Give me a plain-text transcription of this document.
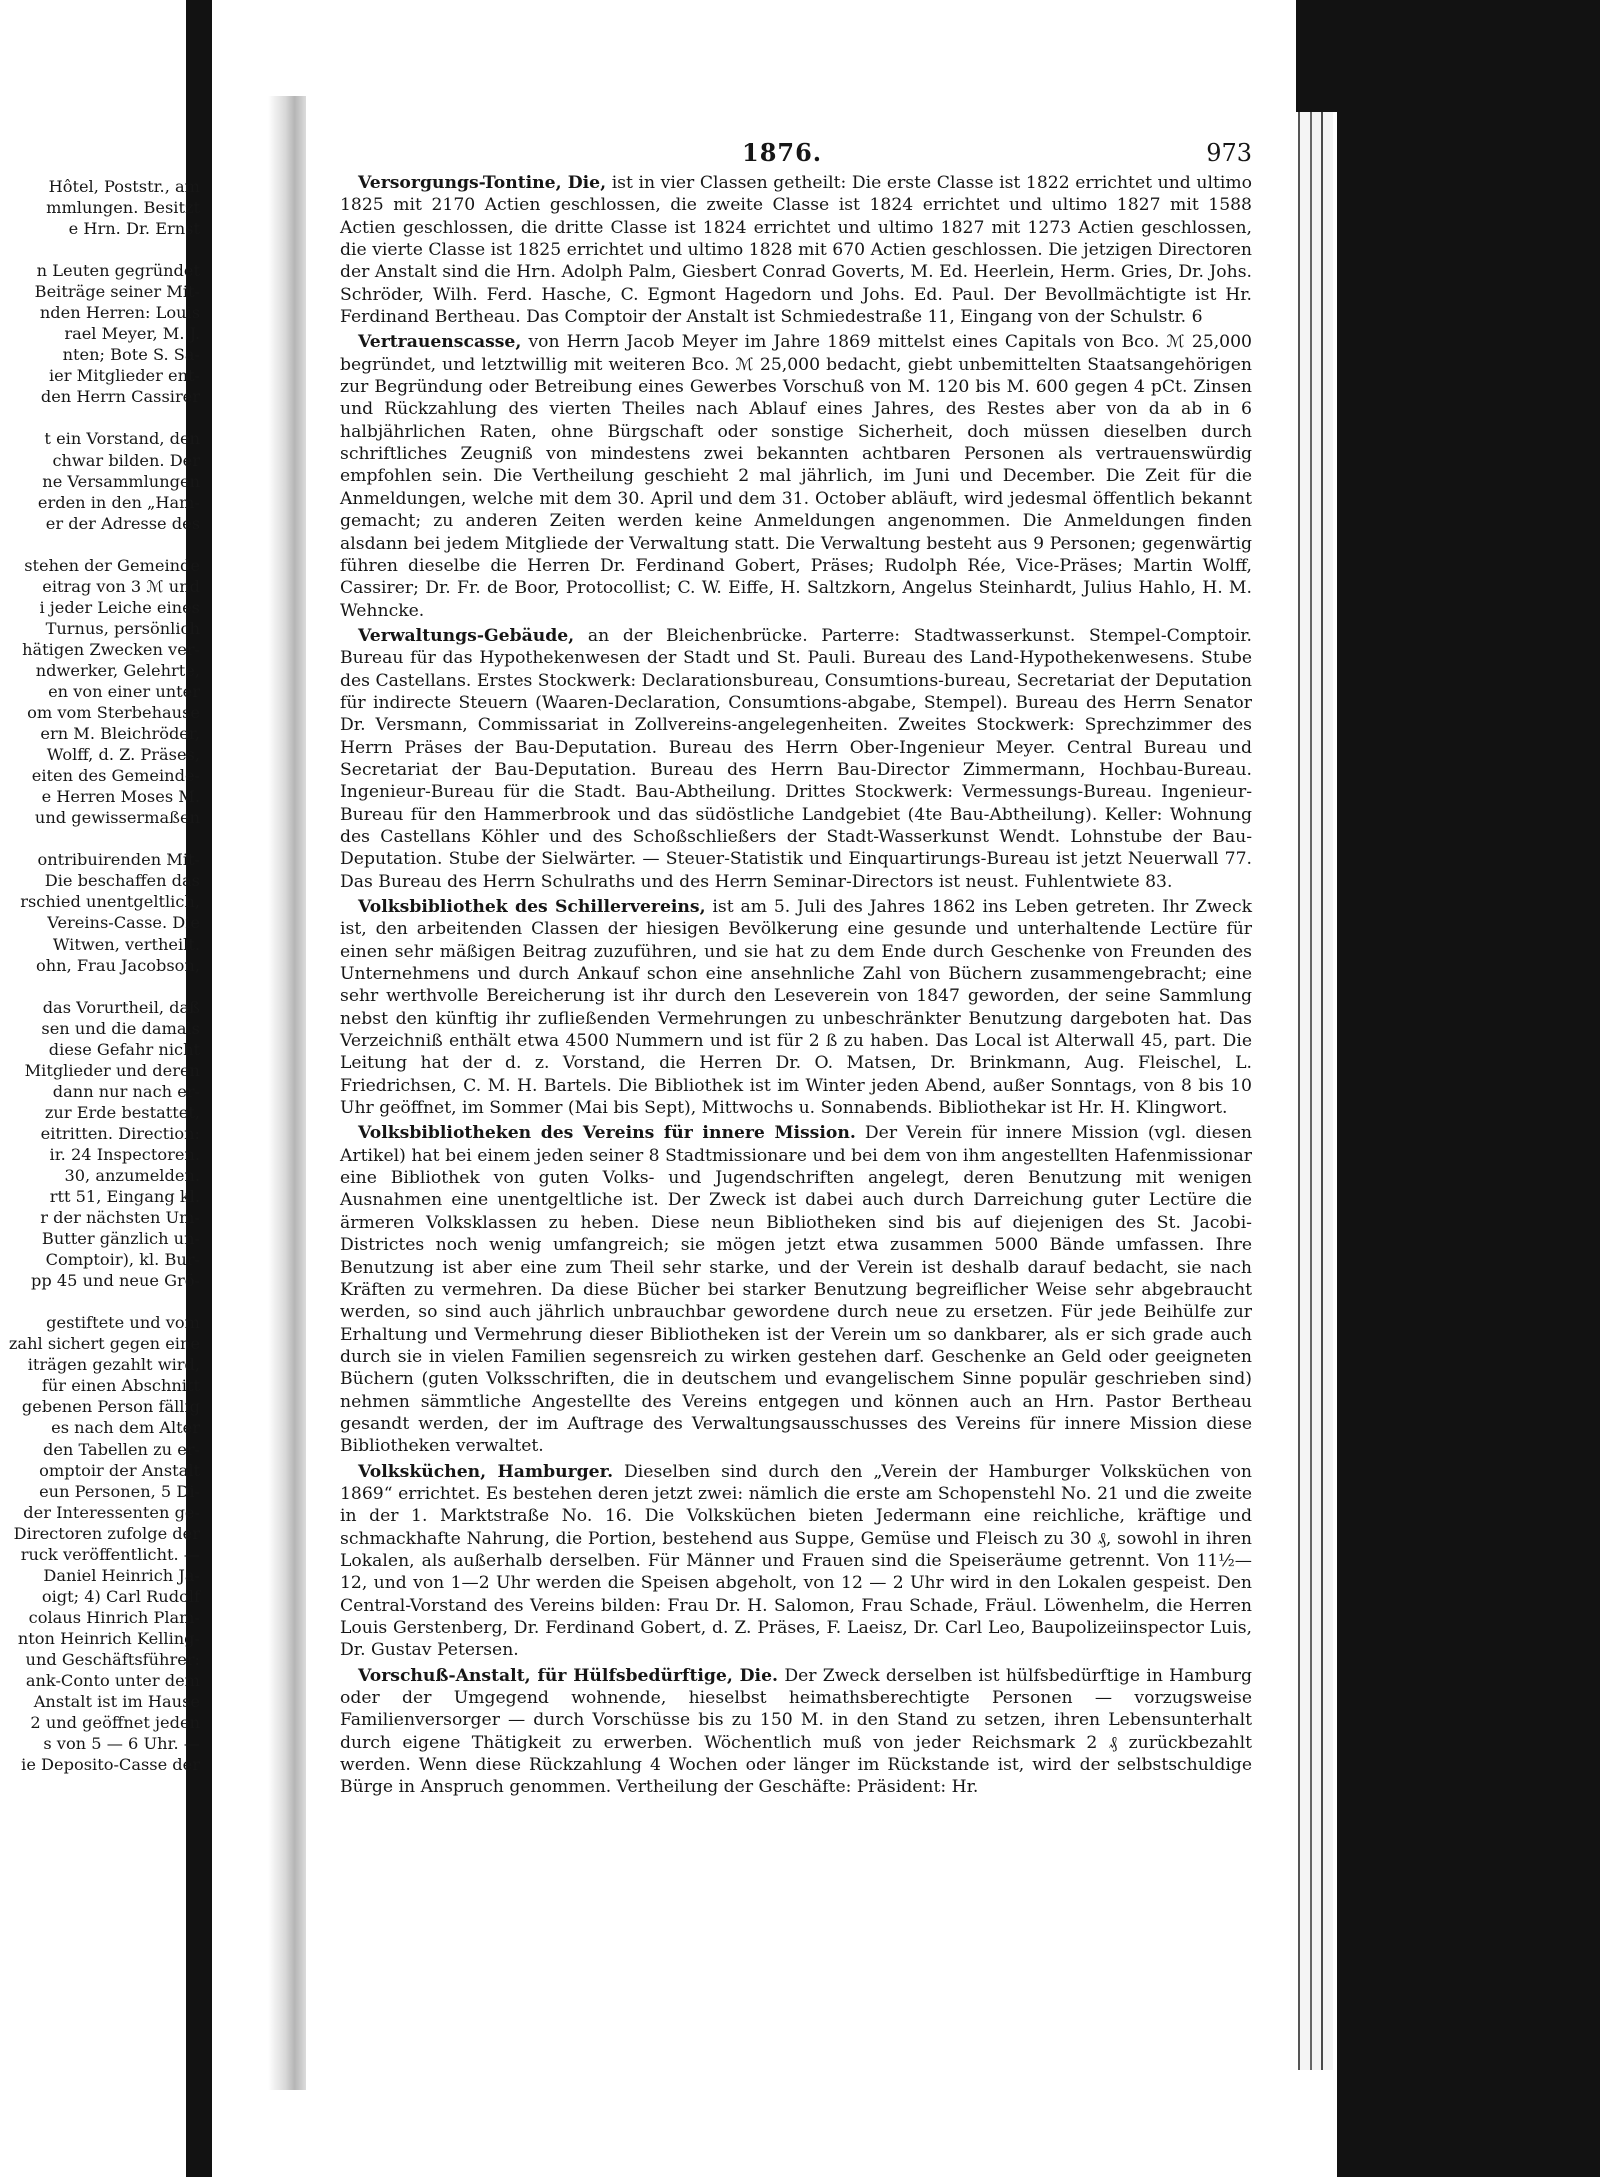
Hôtel, Poststr., am
mmlungen. Besitzt
e Hrn. Dr. Ernst
n Leuten gegründet
Beiträge seiner Mit-
nden Herren: Louis
rael Meyer, M. J.
nten; Bote S. Sa-
ier Mitglieder ent-
den Herrn Cassirer
t ein Vorstand, den
chwar bilden. Der
ne Versammlungen
erden in den „Ham-
er der Adresse des
stehen der Gemeinde
eitrag von 3 ℳ und
i jeder Leiche eines
Turnus, persönlich
hätigen Zwecken ver-
ndwerker, Gelehrte,
en von einer unter
om vom Sterbehause
ern M. Bleichröder,
Wolff, d. Z. Präses,
eiten des Gemeinde-
e Herren Moses M.
und gewissermaßen
ontribuirenden Mit-
Die beschaffen das
rschied unentgeltlich,
Vereins-Casse. Die
Witwen, vertheilt.
ohn, Frau Jacobson,
das Vorurtheil, daß
sen und die damals
diese Gefahr nicht
Mitglieder und deren
dann nur nach er-
zur Erde bestattet,
eitritten. Direction:
ir. 24 Inspectoren.
30, anzumelden.
rtt 51, Eingang kl.
r der nächsten Um-
Butter gänzlich un-
Comptoir), kl. Bur-
pp 45 und neue Grö-
gestiftete und vom
zahl sichert gegen eine
iträgen gezahlt wird,
für einen Abschnitt
gebenen Person fällig
es nach dem Alter
den Tabellen zu er-
omptoir der Anstalt
eun Personen, 5 Di-
der Interessenten ge-
Directoren zufolge der
ruck veröffentlicht. —
Daniel Heinrich Ja-
oigt; 4) Carl Rudolf
colaus Hinrich Plam-
nton Heinrich Kelling-
und Geschäftsführer:
ank-Conto unter dem
Anstalt ist im Hause
2 und geöffnet jeden
s von 5 — 6 Uhr. —
ie Deposito-Casse der
1876.	973

Versorgungs-Tontine, Die, ist in vier Classen getheilt: Die erste Classe ist 1822 errichtet und ultimo 1825 mit 2170 Actien geschlossen, die zweite Classe ist 1824 errichtet und ultimo 1827 mit 1588 Actien geschlossen, die dritte Classe ist 1824 errichtet und ultimo 1827 mit 1273 Actien geschlossen, die vierte Classe ist 1825 errichtet und ultimo 1828 mit 670 Actien geschlossen. Die jetzigen Directoren der Anstalt sind die Hrn. Adolph Palm, Giesbert Conrad Goverts, M. Ed. Heerlein, Herm. Gries, Dr. Johs. Schröder, Wilh. Ferd. Hasche, C. Egmont Hagedorn und Johs. Ed. Paul. Der Bevollmächtigte ist Hr. Ferdinand Bertheau. Das Comptoir der Anstalt ist Schmiedestraße 11, Eingang von der Schulstr. 6

Vertrauenscasse, von Herrn Jacob Meyer im Jahre 1869 mittelst eines Capitals von Bco. ℳ 25,000 begründet, und letztwillig mit weiteren Bco. ℳ 25,000 bedacht, giebt unbemittelten Staatsangehörigen zur Begründung oder Betreibung eines Gewerbes Vorschuß von M. 120 bis M. 600 gegen 4 pCt. Zinsen und Rückzahlung des vierten Theiles nach Ablauf eines Jahres, des Restes aber von da ab in 6 halbjährlichen Raten, ohne Bürgschaft oder sonstige Sicherheit, doch müssen dieselben durch schriftliches Zeugniß von mindestens zwei bekannten achtbaren Personen als vertrauenswürdig empfohlen sein. Die Vertheilung geschieht 2 mal jährlich, im Juni und December. Die Zeit für die Anmeldungen, welche mit dem 30. April und dem 31. October abläuft, wird jedesmal öffentlich bekannt gemacht; zu anderen Zeiten werden keine Anmeldungen angenommen. Die Anmeldungen finden alsdann bei jedem Mitgliede der Verwaltung statt. Die Verwaltung besteht aus 9 Personen; gegenwärtig führen dieselbe die Herren Dr. Ferdinand Gobert, Präses; Rudolph Rée, Vice-Präses; Martin Wolff, Cassirer; Dr. Fr. de Boor, Protocollist; C. W. Eiffe, H. Saltzkorn, Angelus Steinhardt, Julius Hahlo, H. M. Wehncke.

Verwaltungs-Gebäude, an der Bleichenbrücke. Parterre: Stadtwasserkunst. Stempel-Comptoir. Bureau für das Hypothekenwesen der Stadt und St. Pauli. Bureau des Land-Hypothekenwesens. Stube des Castellans. Erstes Stockwerk: Declarationsbureau, Consumtions-bureau, Secretariat der Deputation für indirecte Steuern (Waaren-Declaration, Consumtions-abgabe, Stempel). Bureau des Herrn Senator Dr. Versmann, Commissariat in Zollvereins-angelegenheiten. Zweites Stockwerk: Sprechzimmer des Herrn Präses der Bau-Deputation. Bureau des Herrn Ober-Ingenieur Meyer. Central Bureau und Secretariat der Bau-Deputation. Bureau des Herrn Bau-Director Zimmermann, Hochbau-Bureau. Ingenieur-Bureau für die Stadt. Bau-Abtheilung. Drittes Stockwerk: Vermessungs-Bureau. Ingenieur-Bureau für den Hammerbrook und das südöstliche Landgebiet (4te Bau-Abtheilung). Keller: Wohnung des Castellans Köhler und des Schoßschließers der Stadt-Wasserkunst Wendt. Lohnstube der Bau-Deputation. Stube der Sielwärter. — Steuer-Statistik und Einquartirungs-Bureau ist jetzt Neuerwall 77. Das Bureau des Herrn Schulraths und des Herrn Seminar-Directors ist neust. Fuhlentwiete 83.

Volksbibliothek des Schillervereins, ist am 5. Juli des Jahres 1862 ins Leben getreten. Ihr Zweck ist, den arbeitenden Classen der hiesigen Bevölkerung eine gesunde und unterhaltende Lectüre für einen sehr mäßigen Beitrag zuzuführen, und sie hat zu dem Ende durch Geschenke von Freunden des Unternehmens und durch Ankauf schon eine ansehnliche Zahl von Büchern zusammengebracht; eine sehr werthvolle Bereicherung ist ihr durch den Leseverein von 1847 geworden, der seine Sammlung nebst den künftig ihr zufließenden Vermehrungen zu unbeschränkter Benutzung dargeboten hat. Das Verzeichniß enthält etwa 4500 Nummern und ist für 2 ß zu haben. Das Local ist Alterwall 45, part. Die Leitung hat der d. z. Vorstand, die Herren Dr. O. Matsen, Dr. Brinkmann, Aug. Fleischel, L. Friedrichsen, C. M. H. Bartels. Die Bibliothek ist im Winter jeden Abend, außer Sonntags, von 8 bis 10 Uhr geöffnet, im Sommer (Mai bis Sept), Mittwochs u. Sonnabends. Bibliothekar ist Hr. H. Klingwort.

Volksbibliotheken des Vereins für innere Mission. Der Verein für innere Mission (vgl. diesen Artikel) hat bei einem jeden seiner 8 Stadtmissionare und bei dem von ihm angestellten Hafenmissionar eine Bibliothek von guten Volks- und Jugendschriften angelegt, deren Benutzung mit wenigen Ausnahmen eine unentgeltliche ist. Der Zweck ist dabei auch durch Darreichung guter Lectüre die ärmeren Volksklassen zu heben. Diese neun Bibliotheken sind bis auf diejenigen des St. Jacobi-Districtes noch wenig umfangreich; sie mögen jetzt etwa zusammen 5000 Bände umfassen. Ihre Benutzung ist aber eine zum Theil sehr starke, und der Verein ist deshalb darauf bedacht, sie nach Kräften zu vermehren. Da diese Bücher bei starker Benutzung begreiflicher Weise sehr abgebraucht werden, so sind auch jährlich unbrauchbar gewordene durch neue zu ersetzen. Für jede Beihülfe zur Erhaltung und Vermehrung dieser Bibliotheken ist der Verein um so dankbarer, als er sich grade auch durch sie in vielen Familien segensreich zu wirken gestehen darf. Geschenke an Geld oder geeigneten Büchern (guten Volksschriften, die in deutschem und evangelischem Sinne populär geschrieben sind) nehmen sämmtliche Angestellte des Vereins entgegen und können auch an Hrn. Pastor Bertheau gesandt werden, der im Auftrage des Verwaltungsausschusses des Vereins für innere Mission diese Bibliotheken verwaltet.

Volksküchen, Hamburger. Dieselben sind durch den „Verein der Hamburger Volksküchen von 1869“ errichtet. Es bestehen deren jetzt zwei: nämlich die erste am Schopenstehl No. 21 und die zweite in der 1. Marktstraße No. 16. Die Volksküchen bieten Jedermann eine reichliche, kräftige und schmackhafte Nahrung, die Portion, bestehend aus Suppe, Gemüse und Fleisch zu 30 ₰, sowohl in ihren Lokalen, als außerhalb derselben. Für Männer und Frauen sind die Speiseräume getrennt. Von 11½—12, und von 1—2 Uhr werden die Speisen abgeholt, von 12 — 2 Uhr wird in den Lokalen gespeist. Den Central-Vorstand des Vereins bilden: Frau Dr. H. Salomon, Frau Schade, Fräul. Löwenhelm, die Herren Louis Gerstenberg, Dr. Ferdinand Gobert, d. Z. Präses, F. Laeisz, Dr. Carl Leo, Baupolizeiinspector Luis, Dr. Gustav Petersen.

Vorschuß-Anstalt, für Hülfsbedürftige, Die. Der Zweck derselben ist hülfsbedürftige in Hamburg oder der Umgegend wohnende, hieselbst heimathsberechtigte Personen — vorzugsweise Familienversorger — durch Vorschüsse bis zu 150 M. in den Stand zu setzen, ihren Lebensunterhalt durch eigene Thätigkeit zu erwerben. Wöchentlich muß von jeder Reichsmark 2 ₰ zurückbezahlt werden. Wenn diese Rückzahlung 4 Wochen oder länger im Rückstande ist, wird der selbstschuldige Bürge in Anspruch genommen. Vertheilung der Geschäfte: Präsident: Hr.
